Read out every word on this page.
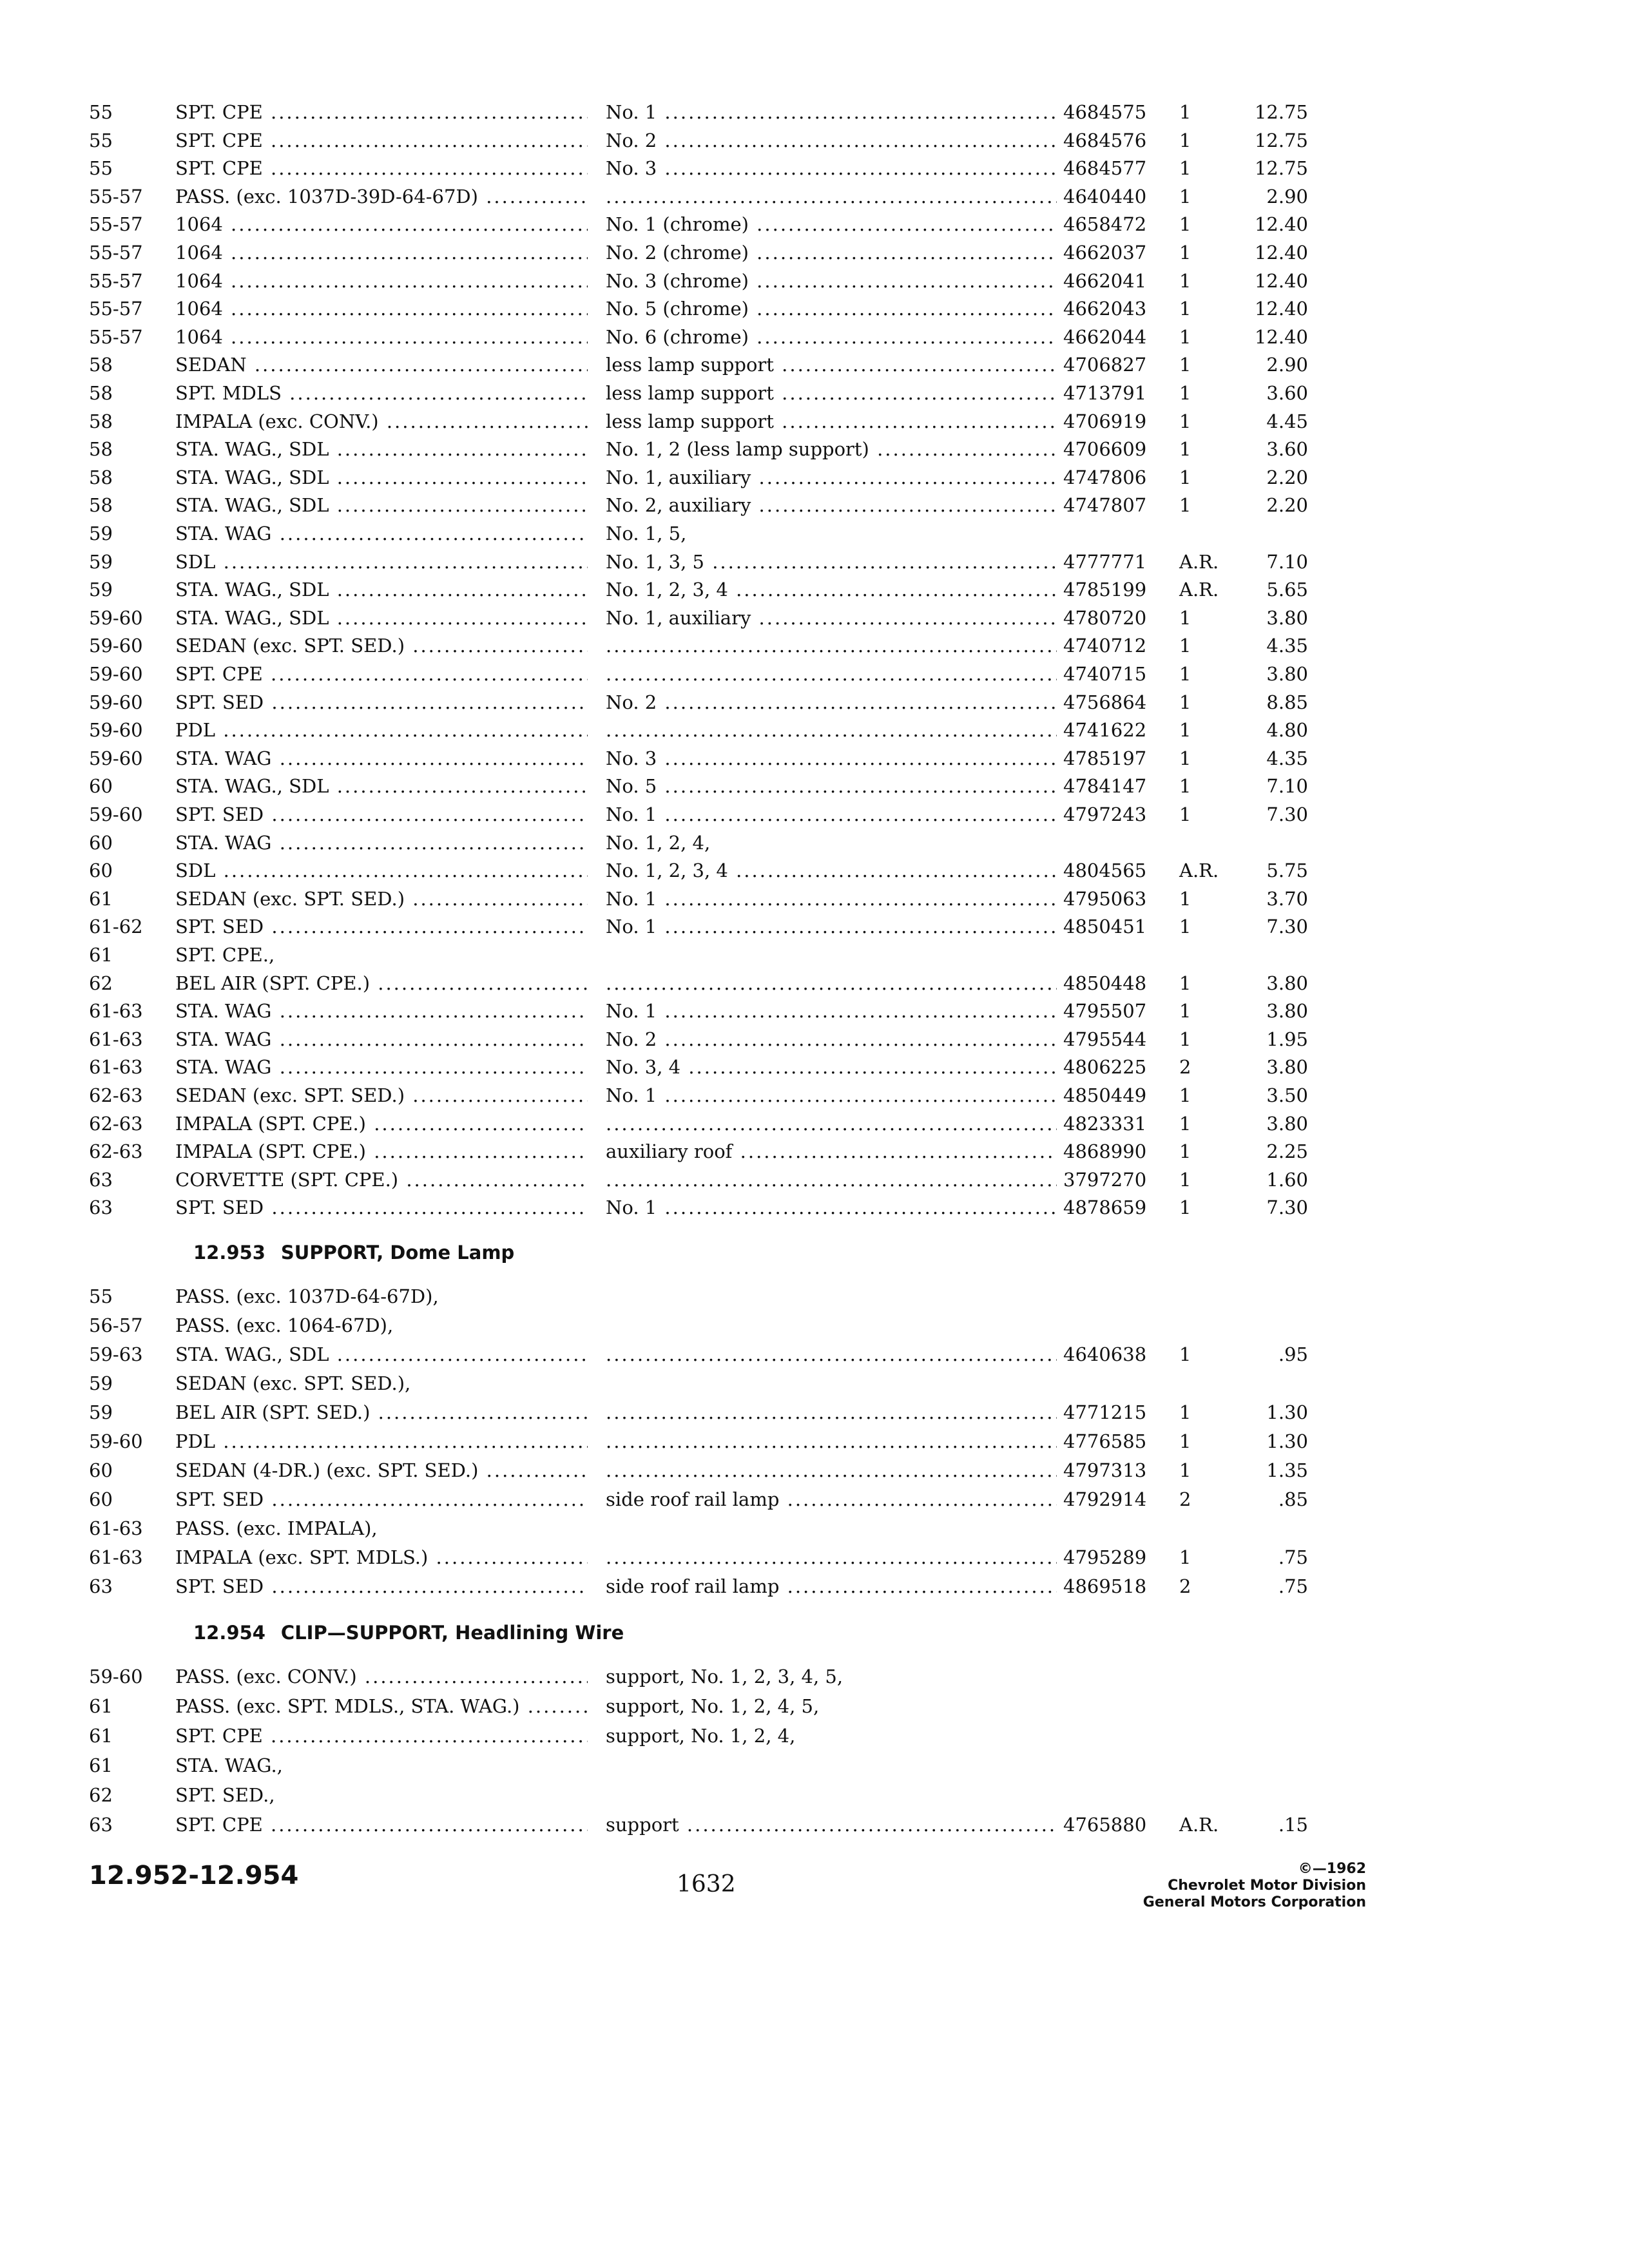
55	SPT. CPE .....	No. 1 .....	4684575	1	12.75
55	SPT. CPE .....	No. 2 .....	4684576	1	12.75
55	SPT. CPE .....	No. 3 .....	4684577	1	12.75
55-57	PASS. (exc. 1037D-39D-64-67D) ..... .....	4640440	1	2.90
55-57	1064 .....	No. 1 (chrome) .....	4658472	1	12.40
55-57	1064 .....	No. 2 (chrome) .....	4662037	1	12.40
55-57	1064 .....	No. 3 (chrome) .....	4662041	1	12.40
55-57	1064 .....	No. 5 (chrome) .....	4662043	1	12.40
55-57	1064 .....	No. 6 (chrome) .....	4662044	1	12.40
58	SEDAN .....	less lamp support .....	4706827	1	2.90
58	SPT. MDLS .....	less lamp support .....	4713791	1	3.60
58	IMPALA (exc. CONV.) .....	less lamp support .....	4706919	1	4.45
58	STA. WAG., SDL .....	No. 1, 2 (less lamp support) .....	4706609	1	3.60
58	STA. WAG., SDL .....	No. 1, auxiliary .....	4747806	1	2.20
58	STA. WAG., SDL .....	No. 2, auxiliary .....	4747807	1	2.20
59	STA. WAG .....	No. 1, 5,
59	SDL .....	No. 1, 3, 5 .....	4777771	A.R.	7.10
59	STA. WAG., SDL .....	No. 1, 2, 3, 4 .....	4785199	A.R.	5.65
59-60	STA. WAG., SDL .....	No. 1, auxiliary .....	4780720	1	3.80
59-60	SEDAN (exc. SPT. SED.) ..... .....	4740712	1	4.35
59-60	SPT. CPE ..... .....	4740715	1	3.80
59-60	SPT. SED .....	No. 2 .....	4756864	1	8.85
59-60	PDL ..... .....	4741622	1	4.80
59-60	STA. WAG .....	No. 3 .....	4785197	1	4.35
60	STA. WAG., SDL .....	No. 5 .....	4784147	1	7.10
59-60	SPT. SED .....	No. 1 .....	4797243	1	7.30
60	STA. WAG .....	No. 1, 2, 4,
60	SDL .....	No. 1, 2, 3, 4 .....	4804565	A.R.	5.75
61	SEDAN (exc. SPT. SED.) .....	No. 1 .....	4795063	1	3.70
61-62	SPT. SED .....	No. 1 .....	4850451	1	7.30
61	SPT. CPE.,
62	BEL AIR (SPT. CPE.) ..... .....	4850448	1	3.80
61-63	STA. WAG .....	No. 1 .....	4795507	1	3.80
61-63	STA. WAG .....	No. 2 .....	4795544	1	1.95
61-63	STA. WAG .....	No. 3, 4 .....	4806225	2	3.80
62-63	SEDAN (exc. SPT. SED.) .....	No. 1 .....	4850449	1	3.50
62-63	IMPALA (SPT. CPE.) ..... .....	4823331	1	3.80
62-63	IMPALA (SPT. CPE.) .....	auxiliary roof .....	4868990	1	2.25
63	CORVETTE (SPT. CPE.) ..... .....	3797270	1	1.60
63	SPT. SED .....	No. 1 .....	4878659	1	7.30
12.953 SUPPORT, Dome Lamp
55	PASS. (exc. 1037D-64-67D),
56-57	PASS. (exc. 1064-67D),
59-63	STA. WAG., SDL ..... .....	4640638	1	.95
59	SEDAN (exc. SPT. SED.),
59	BEL AIR (SPT. SED.) ..... .....	4771215	1	1.30
59-60	PDL ..... .....	4776585	1	1.30
60	SEDAN (4-DR.) (exc. SPT. SED.) ..... .....	4797313	1	1.35
60	SPT. SED .....	side roof rail lamp .....	4792914	2	.85
61-63	PASS. (exc. IMPALA),
61-63	IMPALA (exc. SPT. MDLS.) ..... .....	4795289	1	.75
63	SPT. SED .....	side roof rail lamp .....	4869518	2	.75
12.954 CLIP—SUPPORT, Headlining Wire
59-60	PASS. (exc. CONV.) .....	support, No. 1, 2, 3, 4, 5,
61	PASS. (exc. SPT. MDLS., STA. WAG.) .....	support, No. 1, 2, 4, 5,
61	SPT. CPE .....	support, No. 1, 2, 4,
61	STA. WAG.,
62	SPT. SED.,
63	SPT. CPE .....	support .....	4765880	A.R.	.15
12.952-12.954	1632
©—1962
Chevrolet Motor Division
General Motors Corporation
